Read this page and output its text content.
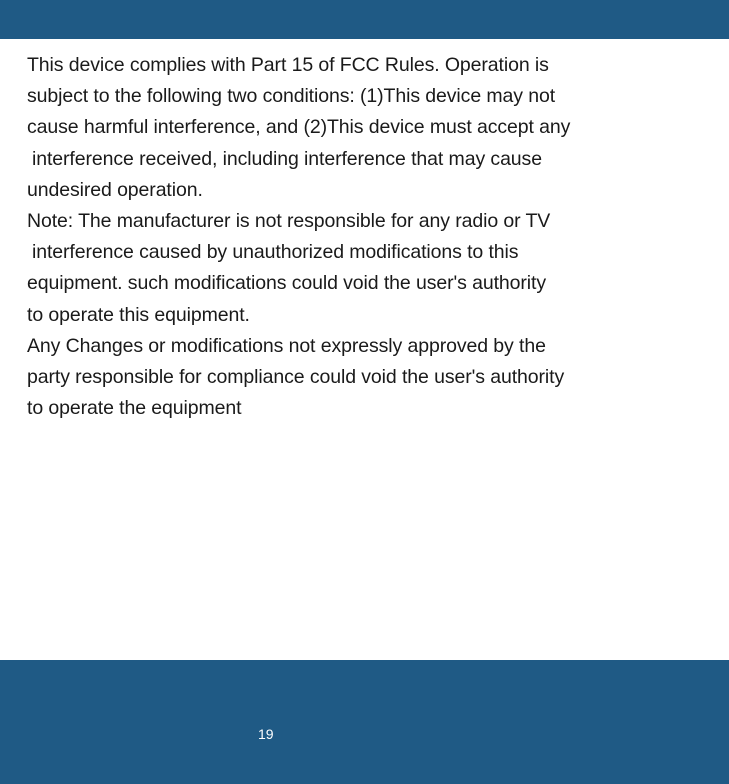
This device complies with Part 15 of FCC Rules. Operation is
subject to the following two conditions: (1)This device may not
cause harmful interference, and (2)This device must accept any
interference received, including interference that may cause
undesired operation.
Note: The manufacturer is not responsible for any radio or TV
interference caused by unauthorized modifications to this
equipment. such modifications could void the user's authority
to operate this equipment.
Any Changes or modifications not expressly approved by the
party responsible for compliance could void the user's authority
to operate the equipment
19
